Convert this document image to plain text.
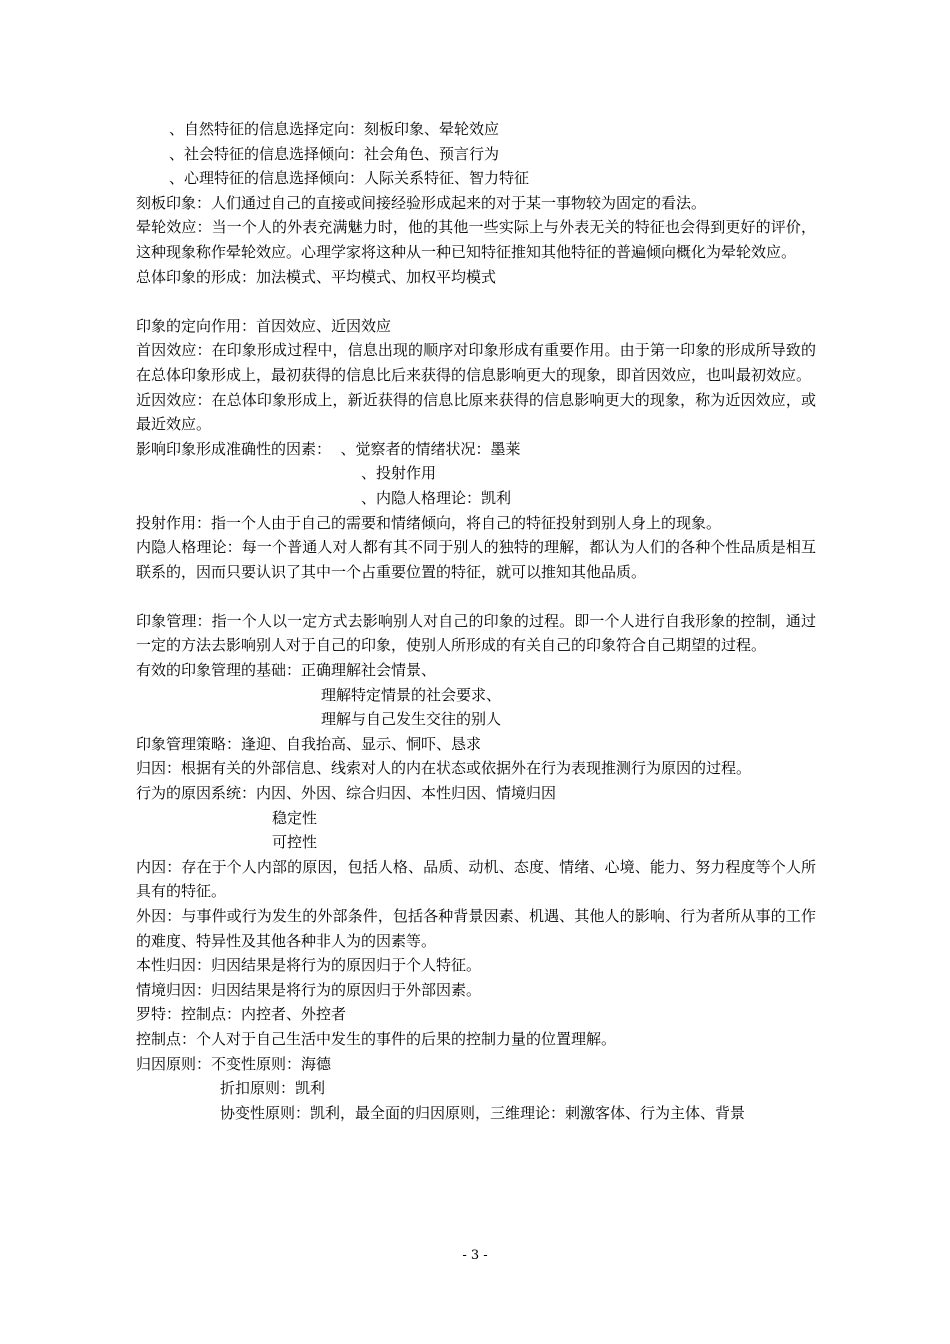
、自然特征的信息选择定向：刻板印象、晕轮效应
、社会特征的信息选择倾向：社会角色、预言行为
、心理特征的信息选择倾向：人际关系特征、智力特征
刻板印象：人们通过自己的直接或间接经验形成起来的对于某一事物较为固定的看法。
晕轮效应：当一个人的外表充满魅力时，他的其他一些实际上与外表无关的特征也会得到更好的评价，这种现象称作晕轮效应。心理学家将这种从一种已知特征推知其他特征的普遍倾向概化为晕轮效应。
总体印象的形成：加法模式、平均模式、加权平均模式
印象的定向作用：首因效应、近因效应
首因效应：在印象形成过程中，信息出现的顺序对印象形成有重要作用。由于第一印象的形成所导致的在总体印象形成上，最初获得的信息比后来获得的信息影响更大的现象，即首因效应，也叫最初效应。
近因效应：在总体印象形成上，新近获得的信息比原来获得的信息影响更大的现象，称为近因效应，或最近效应。
影响印象形成准确性的因素：  、觉察者的情绪状况：墨莱
、投射作用
、内隐人格理论：凯利
投射作用：指一个人由于自己的需要和情绪倾向，将自己的特征投射到别人身上的现象。
内隐人格理论：每一个普通人对人都有其不同于别人的独特的理解，都认为人们的各种个性品质是相互联系的，因而只要认识了其中一个占重要位置的特征，就可以推知其他品质。
印象管理：指一个人以一定方式去影响别人对自己的印象的过程。即一个人进行自我形象的控制，通过一定的方法去影响别人对于自己的印象，使别人所形成的有关自己的印象符合自己期望的过程。
有效的印象管理的基础：正确理解社会情景、
理解特定情景的社会要求、
理解与自己发生交往的别人
印象管理策略：逢迎、自我抬高、显示、恫吓、恳求
归因：根据有关的外部信息、线索对人的内在状态或依据外在行为表现推测行为原因的过程。
行为的原因系统：内因、外因、综合归因、本性归因、情境归因
稳定性
可控性
内因：存在于个人内部的原因，包括人格、品质、动机、态度、情绪、心境、能力、努力程度等个人所具有的特征。
外因：与事件或行为发生的外部条件，包括各种背景因素、机遇、其他人的影响、行为者所从事的工作的难度、特异性及其他各种非人为的因素等。
本性归因：归因结果是将行为的原因归于个人特征。
情境归因：归因结果是将行为的原因归于外部因素。
罗特：控制点：内控者、外控者
控制点：个人对于自己生活中发生的事件的后果的控制力量的位置理解。
归因原则：不变性原则：海德
折扣原则：凯利
协变性原则：凯利，最全面的归因原则，三维理论：刺激客体、行为主体、背景
- 3 -
